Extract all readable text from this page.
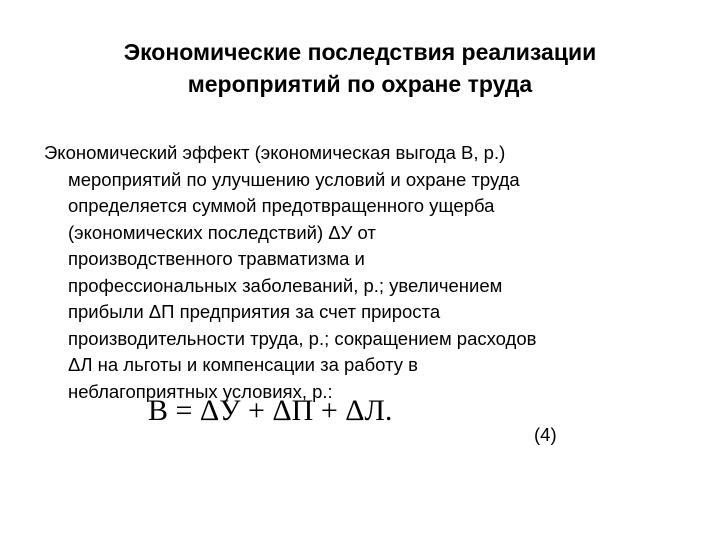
Экономические последствия реализации
мероприятий по охране труда
Экономический эффект (экономическая выгода В, р.)
мероприятий по улучшению условий и охране труда
определяется суммой предотвращенного ущерба
(экономических последствий) ΔУ от
производственного травматизма и
профессиональных заболеваний, р.; увеличением
прибыли ΔП предприятия за счет прироста
производительности труда, р.; сокращением расходов
ΔЛ на льготы и компенсации за работу в
неблагоприятных условиях, р.:
В = ΔУ + ΔП + ΔЛ.
(4)
